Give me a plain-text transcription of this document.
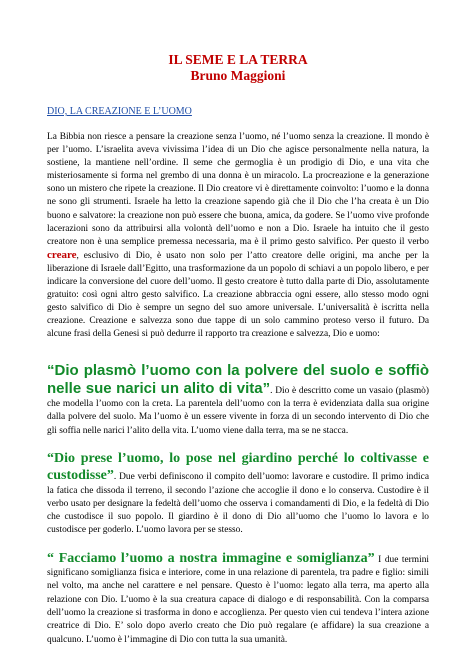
IL SEME E LA TERRA
Bruno Maggioni
DIO, LA CREAZIONE E L’UOMO

La Bibbia non riesce a pensare la creazione senza l’uomo, né l’uomo senza la creazione. Il mondo è per l’uomo. L’israelita aveva vivissima l’idea di un Dio che agisce personalmente nella natura, la sostiene, la mantiene nell’ordine. Il seme che germoglia è un prodigio di Dio, e una vita che misteriosamente si forma nel grembo di una donna è un miracolo. La procreazione e la generazione sono un mistero che ripete la creazione. Il Dio creatore vi è direttamente coinvolto: l’uomo e la donna ne sono gli strumenti. Israele ha letto la creazione sapendo già che il Dio che l’ha creata è un Dio buono e salvatore: la creazione non può essere che buona, amica, da godere. Se l’uomo vive profonde lacerazioni sono da attribuirsi alla volontà dell’uomo e non a Dio. Israele ha intuito che il gesto creatore non è una semplice premessa necessaria, ma è il primo gesto salvifico. Per questo il verbo creare, esclusivo di Dio, è usato non solo per l’atto creatore delle origini, ma anche per la liberazione di Israele dall’Egitto, una trasformazione da un popolo di schiavi a un popolo libero, e per indicare la conversione del cuore dell’uomo. Il gesto creatore è tutto dalla parte di Dio, assolutamente gratuito: così ogni altro gesto salvifico. La creazione abbraccia ogni essere, allo stesso modo ogni gesto salvifico di Dio è sempre un segno del suo amore universale. L’universalità è iscritta nella creazione. Creazione e salvezza sono due tappe di un solo cammino proteso verso il futuro. Da alcune frasi della Genesi si può dedurre il rapporto tra creazione e salvezza, Dio e uomo:

“Dio plasmò l’uomo con la polvere del suolo e soffiò nelle sue narici un alito di vita”. Dio è descritto come un vasaio (plasmò) che modella l’uomo con la creta. La parentela dell’uomo con la terra è evidenziata dalla sua origine dalla polvere del suolo. Ma l’uomo è un essere vivente in forza di un secondo intervento di Dio che gli soffia nelle narici l’alito della vita. L’uomo viene dalla terra, ma se ne stacca.

“Dio prese l’uomo, lo pose nel giardino perché lo coltivasse e custodisse”. Due verbi definiscono il compito dell’uomo: lavorare e custodire. Il primo indica la fatica che dissoda il terreno, il secondo l’azione che accoglie il dono e lo conserva. Custodire è il verbo usato per designare la fedeltà dell’uomo che osserva i comandamenti di Dio, e la fedeltà di Dio che custodisce il suo popolo. Il giardino è il dono di Dio all’uomo che l’uomo lo lavora e lo custodisce per goderlo. L’uomo lavora per se stesso.

“ Facciamo l’uomo a nostra immagine e somiglianza” I due termini significano somiglianza fisica e interiore, come in una relazione di parentela, tra padre e figlio: simili nel volto, ma anche nel carattere e nel pensare. Questo è l’uomo: legato alla terra, ma aperto alla relazione con Dio. L’uomo è la sua creatura capace di dialogo e di responsabilità. Con la comparsa dell’uomo la creazione si trasforma in dono e accoglienza. Per questo vien cui tendeva l’intera azione creatrice di Dio. E’ solo dopo averlo creato che Dio può regalare (e affidare) la sua creazione a qualcuno. L’uomo è l’immagine di Dio con tutta la sua umanità.
